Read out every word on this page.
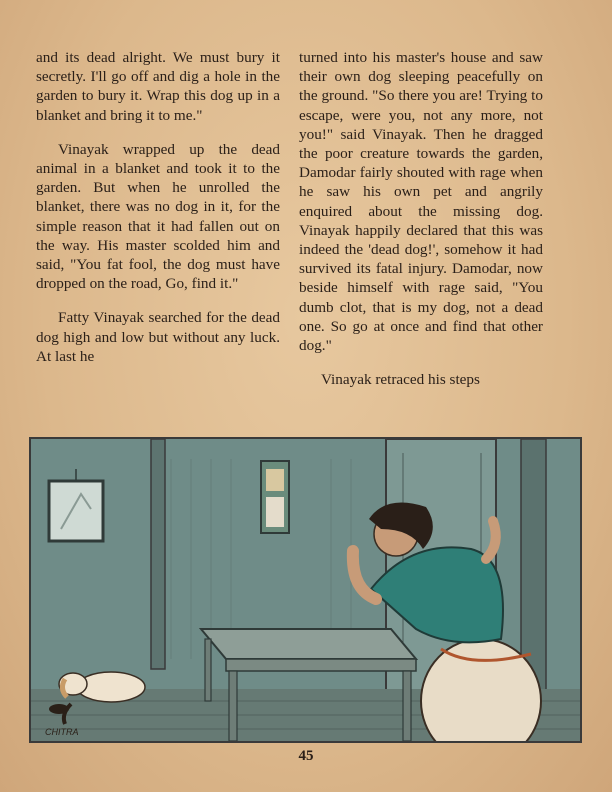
and its dead alright. We must bury it secretly. I'll go off and dig a hole in the garden to bury it. Wrap this dog up in a blanket and bring it to me."

Vinayak wrapped up the dead animal in a blanket and took it to the garden. But when he unrolled the blanket, there was no dog in it, for the simple reason that it had fallen out on the way. His master scolded him and said, "You fat fool, the dog must have dropped on the road, Go, find it."

Fatty Vinayak searched for the dead dog high and low but without any luck. At last he

turned into his master's house and saw their own dog sleeping peacefully on the ground. "So there you are! Trying to escape, were you, not any more, not you!" said Vinayak. Then he dragged the poor creature towards the garden, Damodar fairly shouted with rage when he saw his own pet and angrily enquired about the missing dog. Vinayak happily declared that this was indeed the 'dead dog!', somehow it had survived its fatal injury. Damodar, now beside himself with rage said, "You dumb clot, that is my dog, not a dead one. So go at once and find that other dog."

Vinayak retraced his steps

CHITRA
45
